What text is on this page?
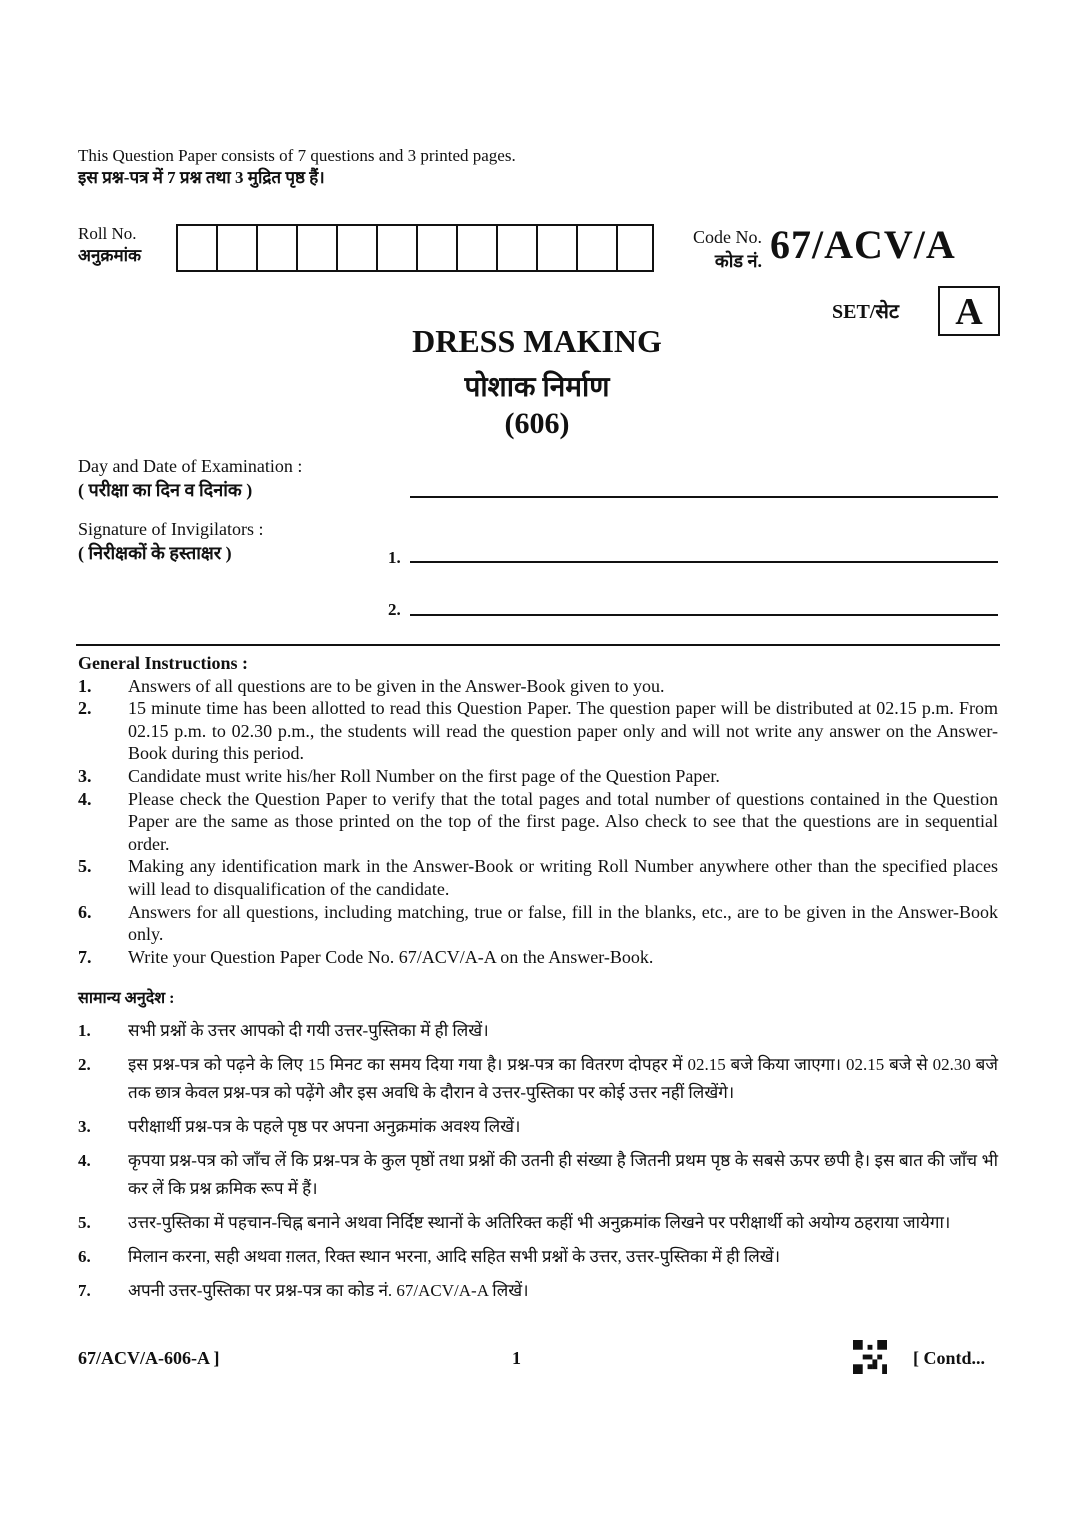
This Question Paper consists of 7 questions and 3 printed pages.
इस प्रश्न-पत्र में 7 प्रश्न तथा 3 मुद्रित पृष्ठ हैं।
Roll No.
अनुक्रमांक
Code No.
कोड नं. 67/ACV/A
SET/सेट	A
DRESS MAKING
पोशाक निर्माण
(606)
Day and Date of Examination :
( परीक्षा का दिन व दिनांक )
Signature of Invigilators :
( निरीक्षकों के हस्ताक्षर )	1.
2.
General Instructions :
1.	Answers of all questions are to be given in the Answer-Book given to you.
2.	15 minute time has been allotted to read this Question Paper. The question paper will be distributed at 02.15 p.m. From 02.15 p.m. to 02.30 p.m., the students will read the question paper only and will not write any answer on the Answer-Book during this period.
3.	Candidate must write his/her Roll Number on the first page of the Question Paper.
4.	Please check the Question Paper to verify that the total pages and total number of questions contained in the Question Paper are the same as those printed on the top of the first page. Also check to see that the questions are in sequential order.
5.	Making any identification mark in the Answer-Book or writing Roll Number anywhere other than the specified places will lead to disqualification of the candidate.
6.	Answers for all questions, including matching, true or false, fill in the blanks, etc., are to be given in the Answer-Book only.
7.	Write your Question Paper Code No. 67/ACV/A-A on the Answer-Book.
सामान्य अनुदेश :
1.	सभी प्रश्नों के उत्तर आपको दी गयी उत्तर-पुस्तिका में ही लिखें।
2.	इस प्रश्न-पत्र को पढ़ने के लिए 15 मिनट का समय दिया गया है। प्रश्न-पत्र का वितरण दोपहर में 02.15 बजे किया जाएगा। 02.15 बजे से 02.30 बजे तक छात्र केवल प्रश्न-पत्र को पढ़ेंगे और इस अवधि के दौरान वे उत्तर-पुस्तिका पर कोई उत्तर नहीं लिखेंगे।
3.	परीक्षार्थी प्रश्न-पत्र के पहले पृष्ठ पर अपना अनुक्रमांक अवश्य लिखें।
4.	कृपया प्रश्न-पत्र को जाँच लें कि प्रश्न-पत्र के कुल पृष्ठों तथा प्रश्नों की उतनी ही संख्या है जितनी प्रथम पृष्ठ के सबसे ऊपर छपी है। इस बात की जाँच भी कर लें कि प्रश्न क्रमिक रूप में हैं।
5.	उत्तर-पुस्तिका में पहचान-चिह्न बनाने अथवा निर्दिष्ट स्थानों के अतिरिक्त कहीं भी अनुक्रमांक लिखने पर परीक्षार्थी को अयोग्य ठहराया जायेगा।
6.	मिलान करना, सही अथवा ग़लत, रिक्त स्थान भरना, आदि सहित सभी प्रश्नों के उत्तर, उत्तर-पुस्तिका में ही लिखें।
7.	अपनी उत्तर-पुस्तिका पर प्रश्न-पत्र का कोड नं. 67/ACV/A-A लिखें।
67/ACV/A-606-A ]	1	[ Contd...
